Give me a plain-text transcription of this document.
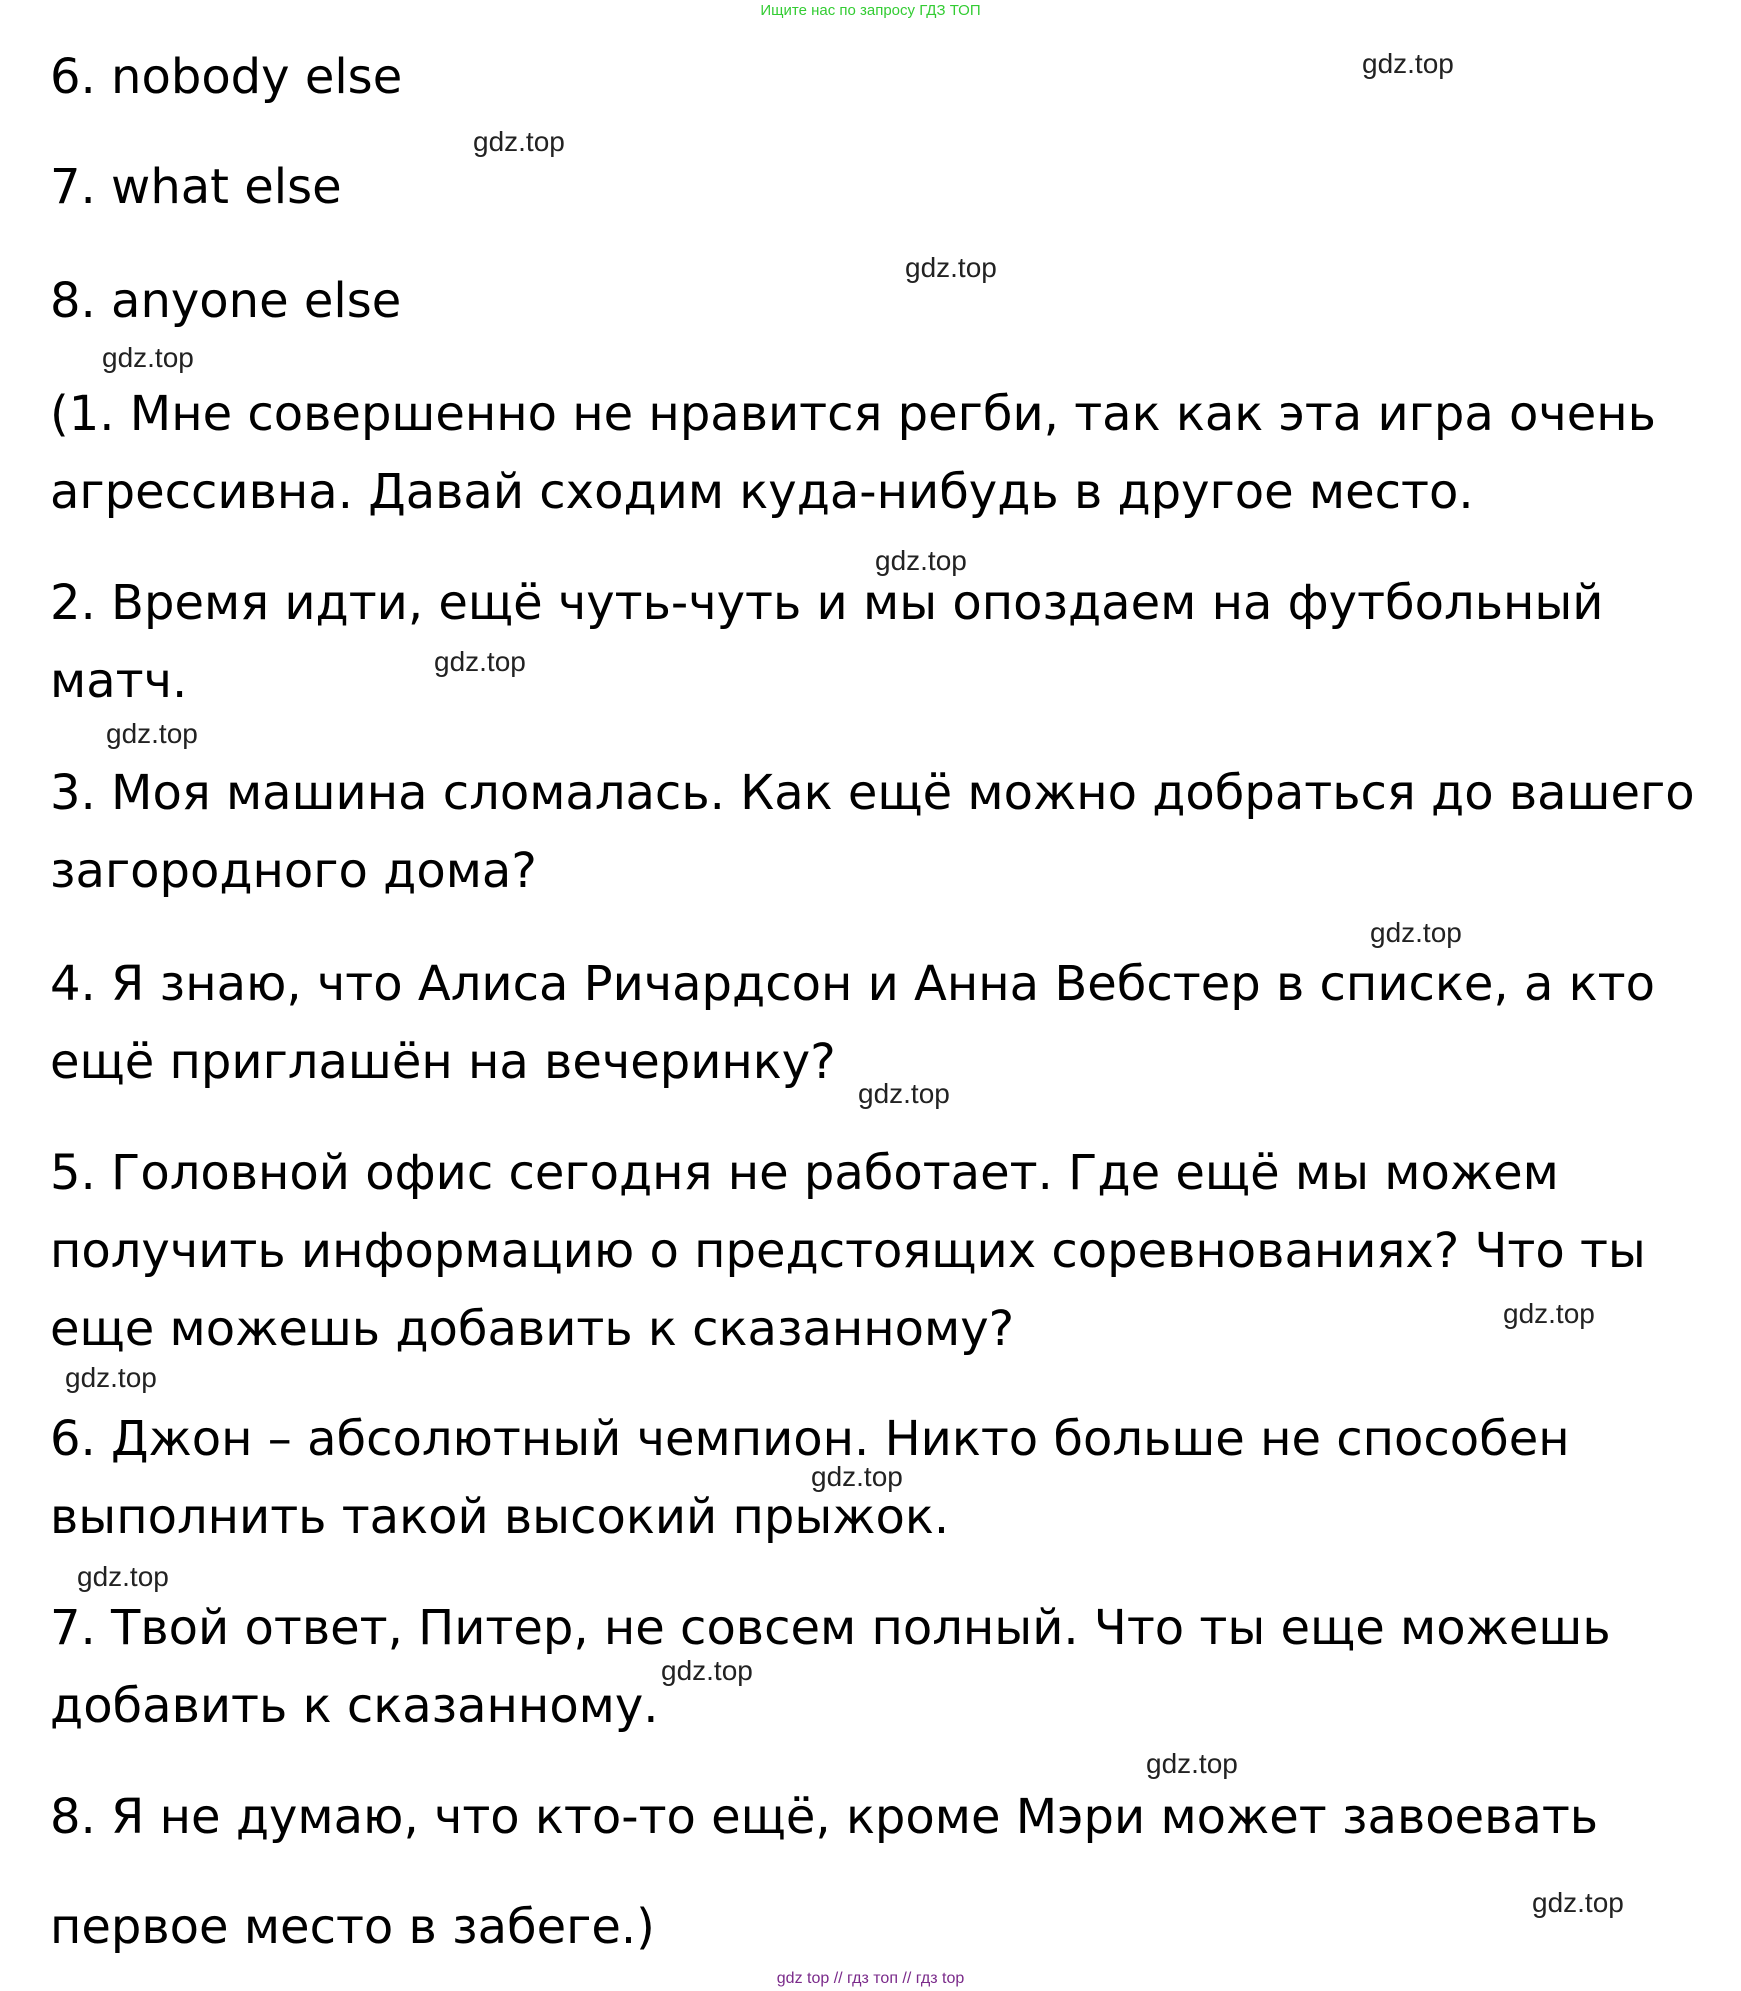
Ищите нас по запросу ГДЗ ТОП
6. nobody else
7. what else
8. anyone else
(1. Мне совершенно не нравится регби, так как эта игра очень
агрессивна. Давай сходим куда-нибудь в другое место.
2. Время идти, ещё чуть-чуть и мы опоздаем на футбольный
матч.
3. Моя машина сломалась. Как ещё можно добраться до вашего
загородного дома?
4. Я знаю, что Алиса Ричардсон и Анна Вебстер в списке, а кто
ещё приглашён на вечеринку?
5. Головной офис сегодня не работает. Где ещё мы можем
получить информацию о предстоящих соревнованиях? Что ты
еще можешь добавить к сказанному?
6. Джон – абсолютный чемпион. Никто больше не способен
выполнить такой высокий прыжок.
7. Твой ответ, Питер, не совсем полный. Что ты еще можешь
добавить к сказанному.
8. Я не думаю, что кто-то ещё, кроме Мэри может завоевать
первое место в забеге.)
gdz.top
gdz.top
gdz.top
gdz.top
gdz.top
gdz.top
gdz.top
gdz.top
gdz.top
gdz.top
gdz.top
gdz.top
gdz.top
gdz.top
gdz.top
gdz.top
gdz top // гдз топ // гдз top
